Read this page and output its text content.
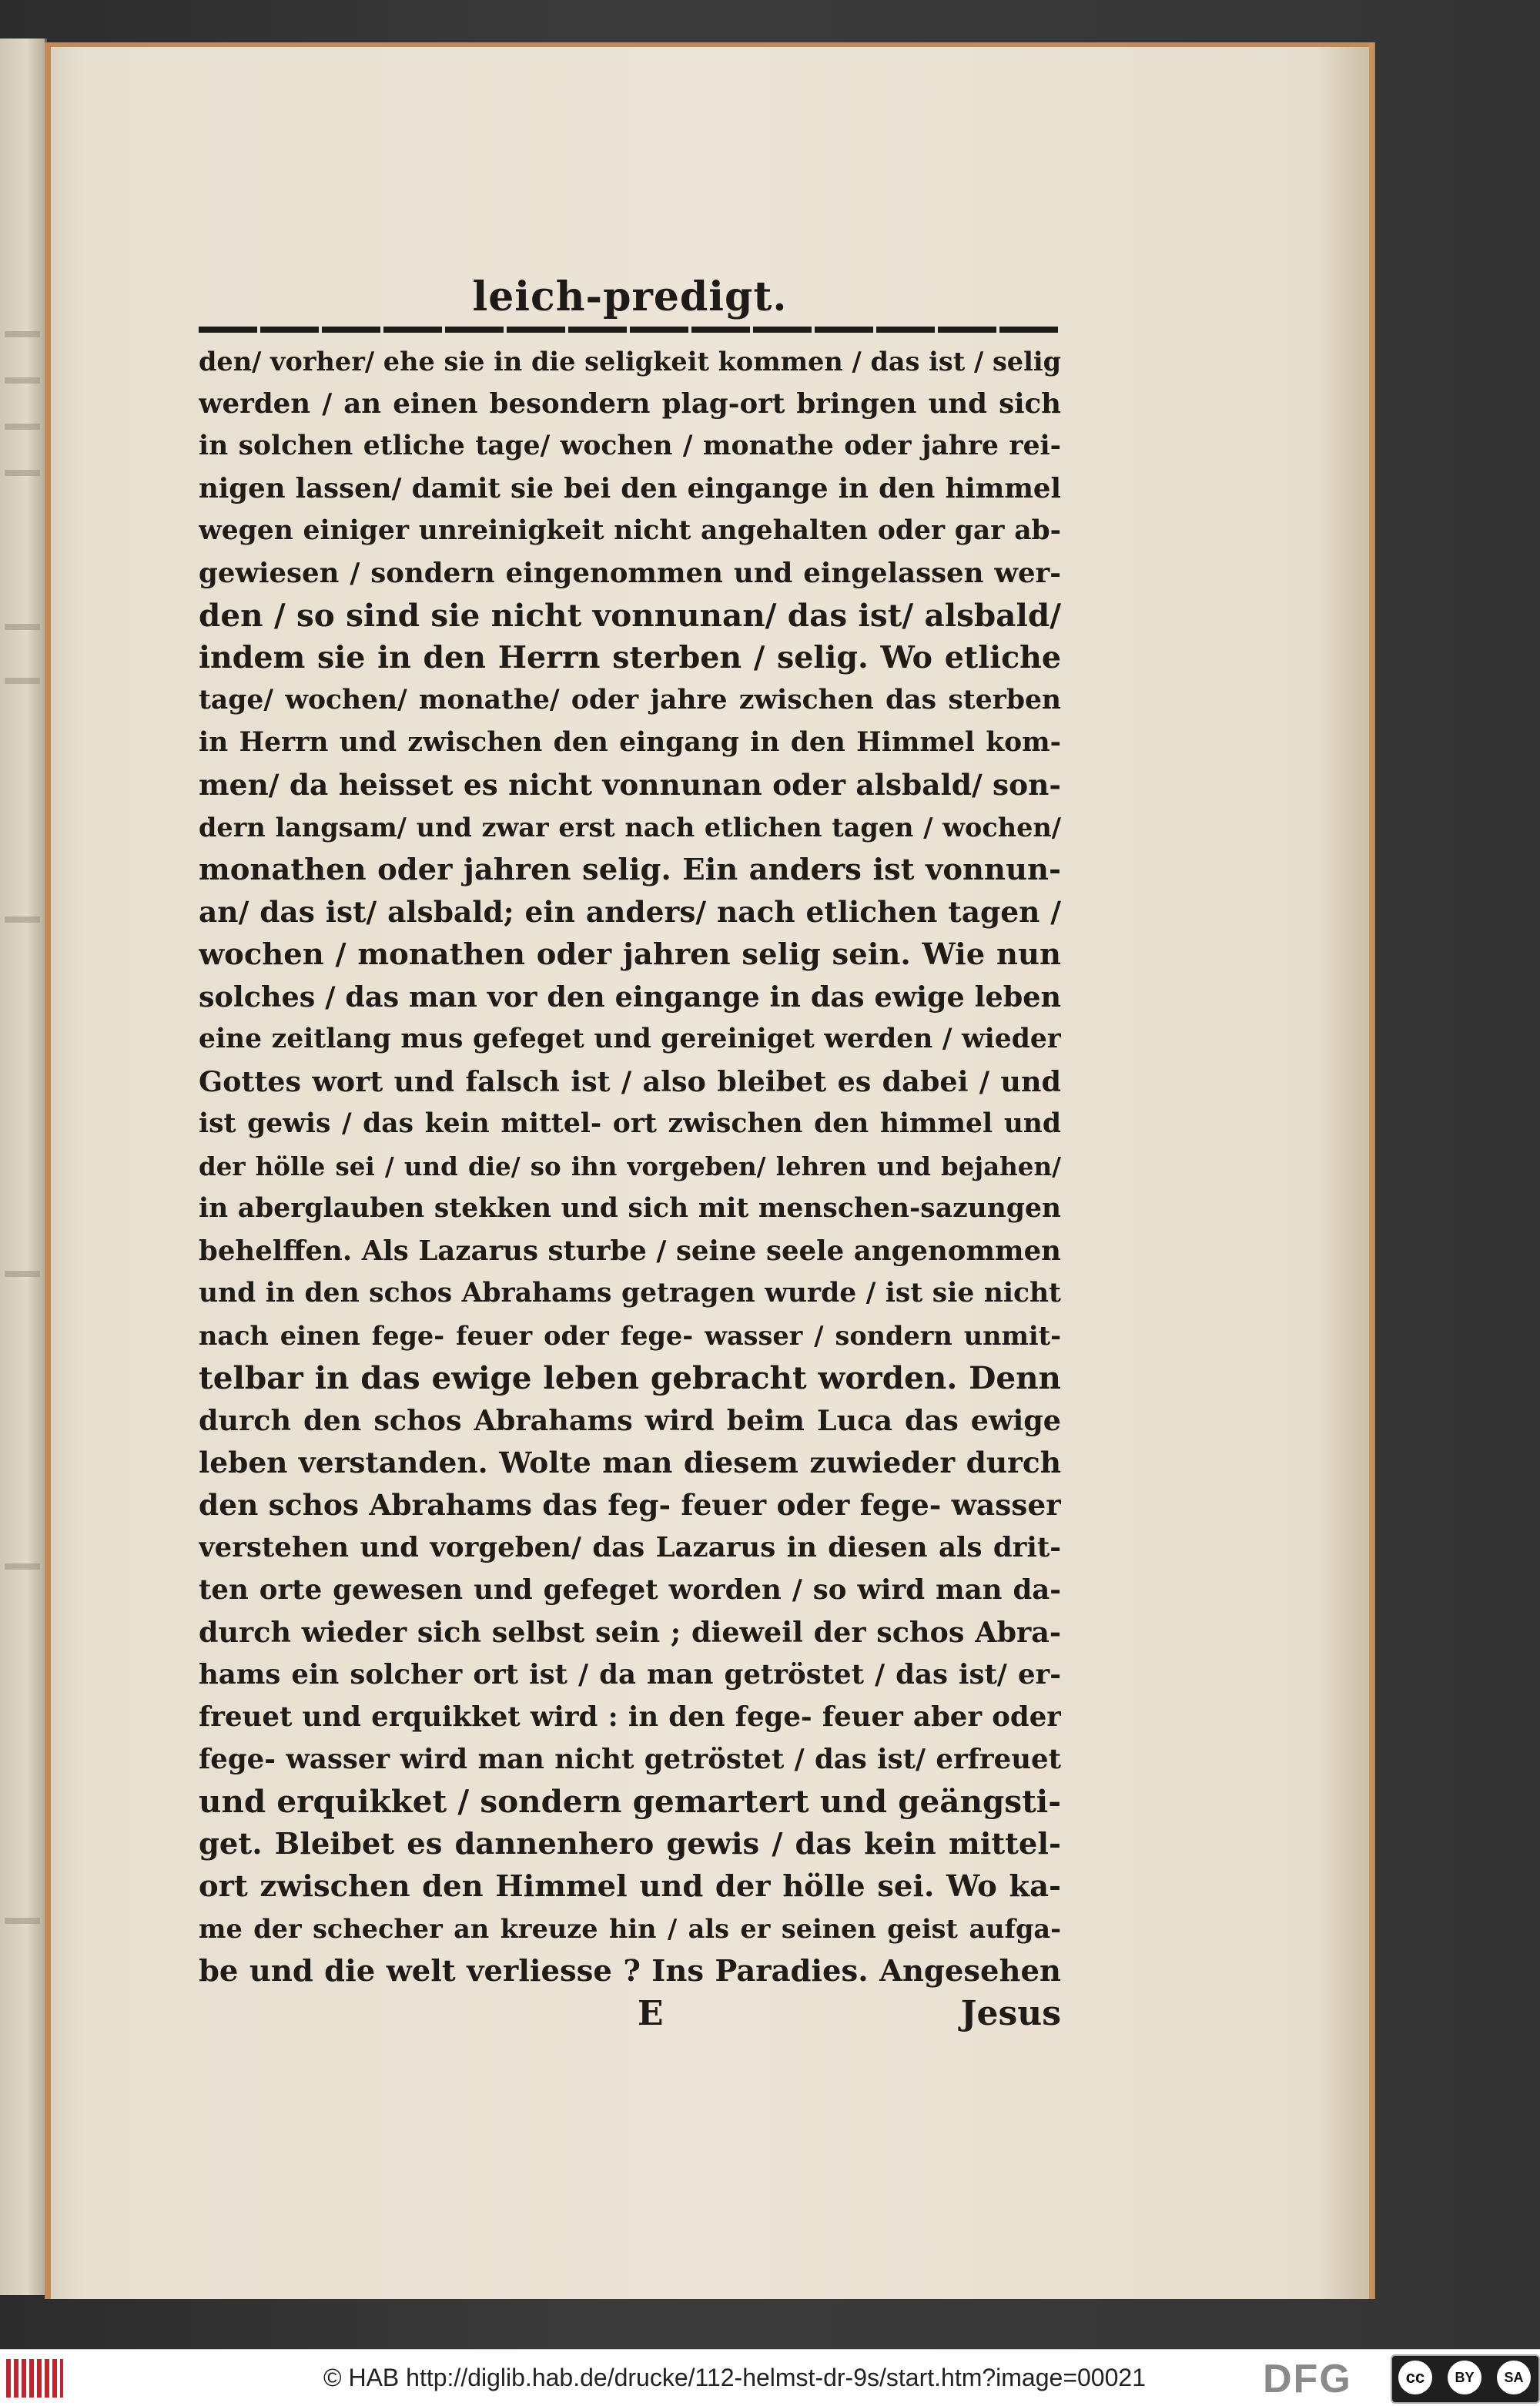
leich-predigt.
den/ vorher/ ehe sie in die seligkeit kommen / das ist / selig
werden / an einen besondern plag-ort bringen und sich
in solchen etliche tage/ wochen / monathe oder jahre rei-
nigen lassen/ damit sie bei den eingange in den himmel
wegen einiger unreinigkeit nicht angehalten oder gar ab-
gewiesen / sondern eingenommen und eingelassen wer-
den / so sind sie nicht vonnunan/ das ist/ alsbald/
indem sie in den Herrn sterben / selig. Wo etliche
tage/ wochen/ monathe/ oder jahre zwischen das sterben
in Herrn und zwischen den eingang in den Himmel kom-
men/ da heisset es nicht vonnunan oder alsbald/ son-
dern langsam/ und zwar erst nach etlichen tagen / wochen/
monathen oder jahren selig. Ein anders ist vonnun-
an/ das ist/ alsbald; ein anders/ nach etlichen tagen /
wochen / monathen oder jahren selig sein. Wie nun
solches / das man vor den eingange in das ewige leben
eine zeitlang mus gefeget und gereiniget werden / wieder
Gottes wort und falsch ist / also bleibet es dabei / und
ist gewis / das kein mittel- ort zwischen den himmel und
der hölle sei / und die/ so ihn vorgeben/ lehren und bejahen/
in aberglauben stekken und sich mit menschen-sazungen
behelffen. Als Lazarus sturbe / seine seele angenommen
und in den schos Abrahams getragen wurde / ist sie nicht
nach einen fege- feuer oder fege- wasser / sondern unmit-
telbar in das ewige leben gebracht worden. Denn
durch den schos Abrahams wird beim Luca das ewige
leben verstanden. Wolte man diesem zuwieder durch
den schos Abrahams das feg- feuer oder fege- wasser
verstehen und vorgeben/ das Lazarus in diesen als drit-
ten orte gewesen und gefeget worden / so wird man da-
durch wieder sich selbst sein ; dieweil der schos Abra-
hams ein solcher ort ist / da man getröstet / das ist/ er-
freuet und erquikket wird : in den fege- feuer aber oder
fege- wasser wird man nicht getröstet / das ist/ erfreuet
und erquikket / sondern gemartert und geängsti-
get. Bleibet es dannenhero gewis / das kein mittel-
ort zwischen den Himmel und der hölle sei. Wo ka-
me der schecher an kreuze hin / als er seinen geist aufga-
be und die welt verliesse ? Ins Paradies. Angesehen
E	Jesus
© HAB http://diglib.hab.de/drucke/112-helmst-dr-9s/start.htm?image=00021	DFG	cc	BY	SA
